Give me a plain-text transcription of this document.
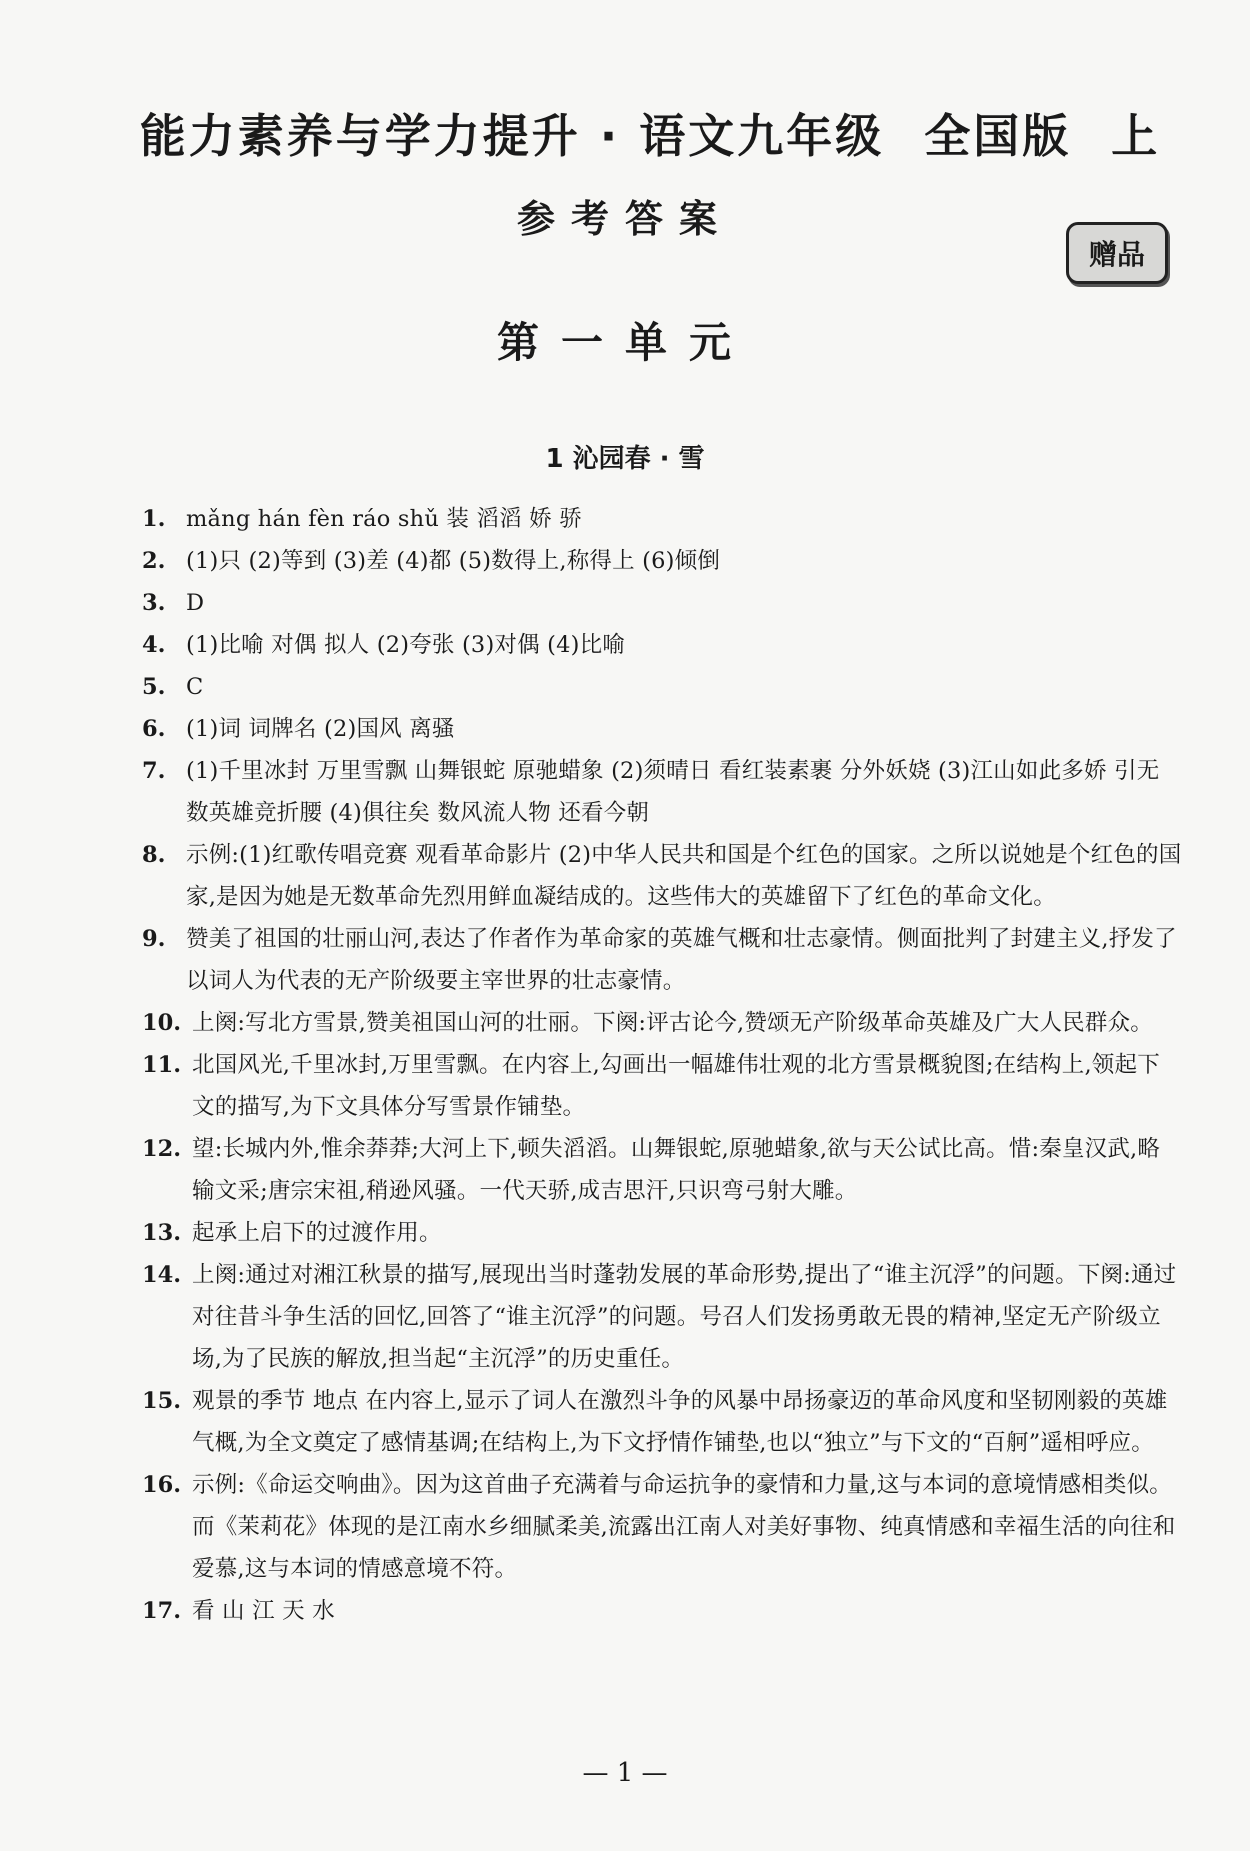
能力素养与学力提升 · 语文九年级 全国版 上
参考答案
赠品
第一单元
1 沁园春 · 雪
1. mǎng hán fèn ráo shǔ 装 滔滔 娇 骄
2. (1)只 (2)等到 (3)差 (4)都 (5)数得上,称得上 (6)倾倒
3. D
4. (1)比喻 对偶 拟人 (2)夸张 (3)对偶 (4)比喻
5. C
6. (1)词 词牌名 (2)国风 离骚
7. (1)千里冰封 万里雪飘 山舞银蛇 原驰蜡象 (2)须晴日 看红装素裹 分外妖娆 (3)江山如此多娇 引无数英雄竞折腰 (4)俱往矣 数风流人物 还看今朝
8. 示例:(1)红歌传唱竞赛 观看革命影片 (2)中华人民共和国是个红色的国家。之所以说她是个红色的国家,是因为她是无数革命先烈用鲜血凝结成的。这些伟大的英雄留下了红色的革命文化。
9. 赞美了祖国的壮丽山河,表达了作者作为革命家的英雄气概和壮志豪情。侧面批判了封建主义,抒发了以词人为代表的无产阶级要主宰世界的壮志豪情。
10. 上阕:写北方雪景,赞美祖国山河的壮丽。下阕:评古论今,赞颂无产阶级革命英雄及广大人民群众。
11. 北国风光,千里冰封,万里雪飘。在内容上,勾画出一幅雄伟壮观的北方雪景概貌图;在结构上,领起下文的描写,为下文具体分写雪景作铺垫。
12. 望:长城内外,惟余莽莽;大河上下,顿失滔滔。山舞银蛇,原驰蜡象,欲与天公试比高。惜:秦皇汉武,略输文采;唐宗宋祖,稍逊风骚。一代天骄,成吉思汗,只识弯弓射大雕。
13. 起承上启下的过渡作用。
14. 上阕:通过对湘江秋景的描写,展现出当时蓬勃发展的革命形势,提出了“谁主沉浮”的问题。下阕:通过对往昔斗争生活的回忆,回答了“谁主沉浮”的问题。号召人们发扬勇敢无畏的精神,坚定无产阶级立场,为了民族的解放,担当起“主沉浮”的历史重任。
15. 观景的季节 地点 在内容上,显示了词人在激烈斗争的风暴中昂扬豪迈的革命风度和坚韧刚毅的英雄气概,为全文奠定了感情基调;在结构上,为下文抒情作铺垫,也以“独立”与下文的“百舸”遥相呼应。
16. 示例:《命运交响曲》。因为这首曲子充满着与命运抗争的豪情和力量,这与本词的意境情感相类似。而《茉莉花》体现的是江南水乡细腻柔美,流露出江南人对美好事物、纯真情感和幸福生活的向往和爱慕,这与本词的情感意境不符。
17. 看 山 江 天 水
— 1 —
